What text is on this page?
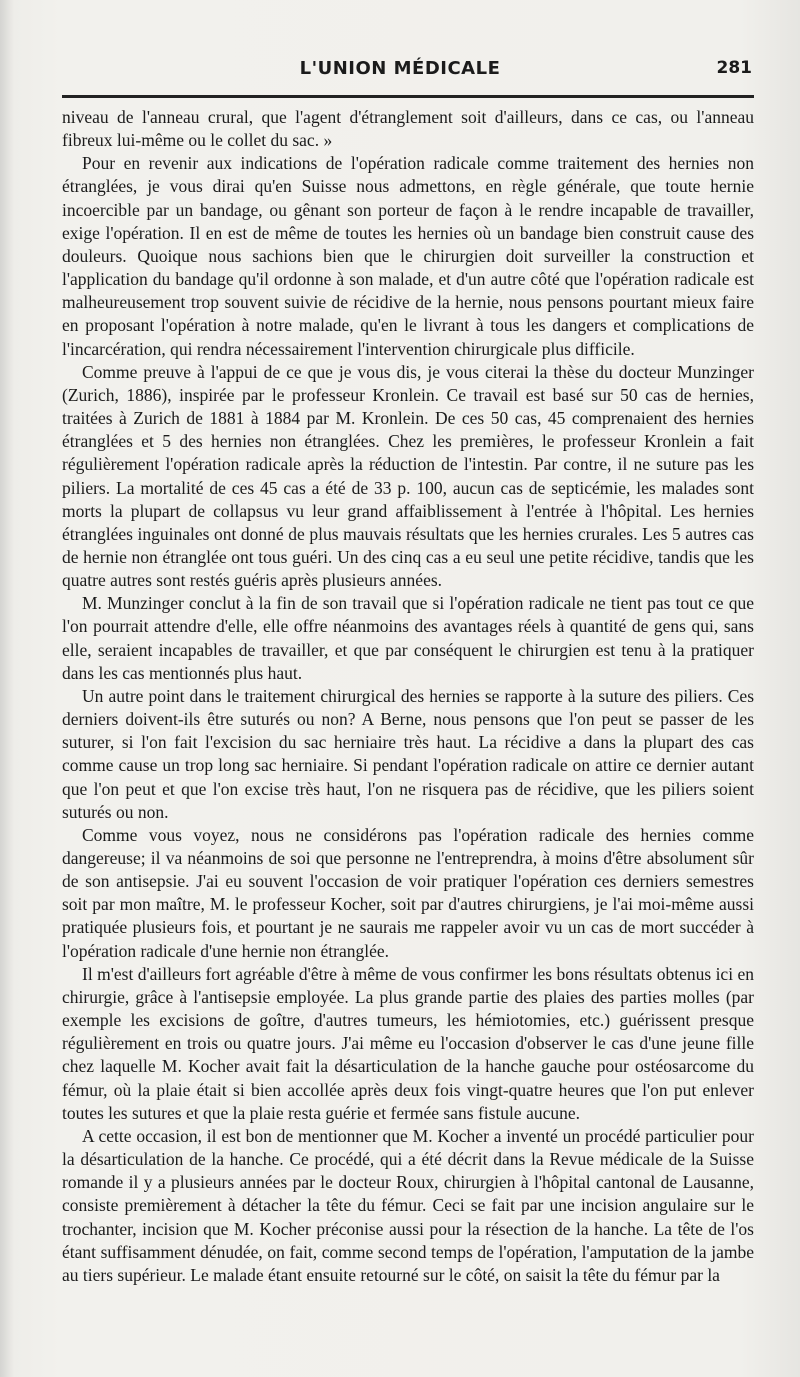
L'UNION MÉDICALE	281

niveau de l'anneau crural, que l'agent d'étranglement soit d'ailleurs, dans ce cas, ou l'anneau fibreux lui-même ou le collet du sac. »

Pour en revenir aux indications de l'opération radicale comme traitement des hernies non étranglées, je vous dirai qu'en Suisse nous admettons, en règle générale, que toute hernie incoercible par un bandage, ou gênant son porteur de façon à le rendre incapable de travailler, exige l'opération. Il en est de même de toutes les hernies où un bandage bien construit cause des douleurs. Quoique nous sachions bien que le chirurgien doit surveiller la construction et l'application du bandage qu'il ordonne à son malade, et d'un autre côté que l'opération radicale est malheureusement trop souvent suivie de récidive de la hernie, nous pensons pourtant mieux faire en proposant l'opération à notre malade, qu'en le livrant à tous les dangers et complications de l'incarcération, qui rendra nécessairement l'intervention chirurgicale plus difficile.

Comme preuve à l'appui de ce que je vous dis, je vous citerai la thèse du docteur Munzinger (Zurich, 1886), inspirée par le professeur Kronlein. Ce travail est basé sur 50 cas de hernies, traitées à Zurich de 1881 à 1884 par M. Kronlein. De ces 50 cas, 45 comprenaient des hernies étranglées et 5 des hernies non étranglées. Chez les premières, le professeur Kronlein a fait régulièrement l'opération radicale après la réduction de l'intestin. Par contre, il ne suture pas les piliers. La mortalité de ces 45 cas a été de 33 p. 100, aucun cas de septicémie, les malades sont morts la plupart de collapsus vu leur grand affaiblissement à l'entrée à l'hôpital. Les hernies étranglées inguinales ont donné de plus mauvais résultats que les hernies crurales. Les 5 autres cas de hernie non étranglée ont tous guéri. Un des cinq cas a eu seul une petite récidive, tandis que les quatre autres sont restés guéris après plusieurs années.

M. Munzinger conclut à la fin de son travail que si l'opération radicale ne tient pas tout ce que l'on pourrait attendre d'elle, elle offre néanmoins des avantages réels à quantité de gens qui, sans elle, seraient incapables de travailler, et que par conséquent le chirurgien est tenu à la pratiquer dans les cas mentionnés plus haut.

Un autre point dans le traitement chirurgical des hernies se rapporte à la suture des piliers. Ces derniers doivent-ils être suturés ou non? A Berne, nous pensons que l'on peut se passer de les suturer, si l'on fait l'excision du sac herniaire très haut. La récidive a dans la plupart des cas comme cause un trop long sac herniaire. Si pendant l'opération radicale on attire ce dernier autant que l'on peut et que l'on excise très haut, l'on ne risquera pas de récidive, que les piliers soient suturés ou non.

Comme vous voyez, nous ne considérons pas l'opération radicale des hernies comme dangereuse; il va néanmoins de soi que personne ne l'entreprendra, à moins d'être absolument sûr de son antisepsie. J'ai eu souvent l'occasion de voir pratiquer l'opération ces derniers semestres soit par mon maître, M. le professeur Kocher, soit par d'autres chirurgiens, je l'ai moi-même aussi pratiquée plusieurs fois, et pourtant je ne saurais me rappeler avoir vu un cas de mort succéder à l'opération radicale d'une hernie non étranglée.

Il m'est d'ailleurs fort agréable d'être à même de vous confirmer les bons résultats obtenus ici en chirurgie, grâce à l'antisepsie employée. La plus grande partie des plaies des parties molles (par exemple les excisions de goître, d'autres tumeurs, les hémiotomies, etc.) guérissent presque régulièrement en trois ou quatre jours. J'ai même eu l'occasion d'observer le cas d'une jeune fille chez laquelle M. Kocher avait fait la désarticulation de la hanche gauche pour ostéosarcome du fémur, où la plaie était si bien accollée après deux fois vingt-quatre heures que l'on put enlever toutes les sutures et que la plaie resta guérie et fermée sans fistule aucune.

A cette occasion, il est bon de mentionner que M. Kocher a inventé un procédé particulier pour la désarticulation de la hanche. Ce procédé, qui a été décrit dans la Revue médicale de la Suisse romande il y a plusieurs années par le docteur Roux, chirurgien à l'hôpital cantonal de Lausanne, consiste premièrement à détacher la tête du fémur. Ceci se fait par une incision angulaire sur le trochanter, incision que M. Kocher préconise aussi pour la résection de la hanche. La tête de l'os étant suffisamment dénudée, on fait, comme second temps de l'opération, l'amputation de la jambe au tiers supérieur. Le malade étant ensuite retourné sur le côté, on saisit la tête du fémur par la
